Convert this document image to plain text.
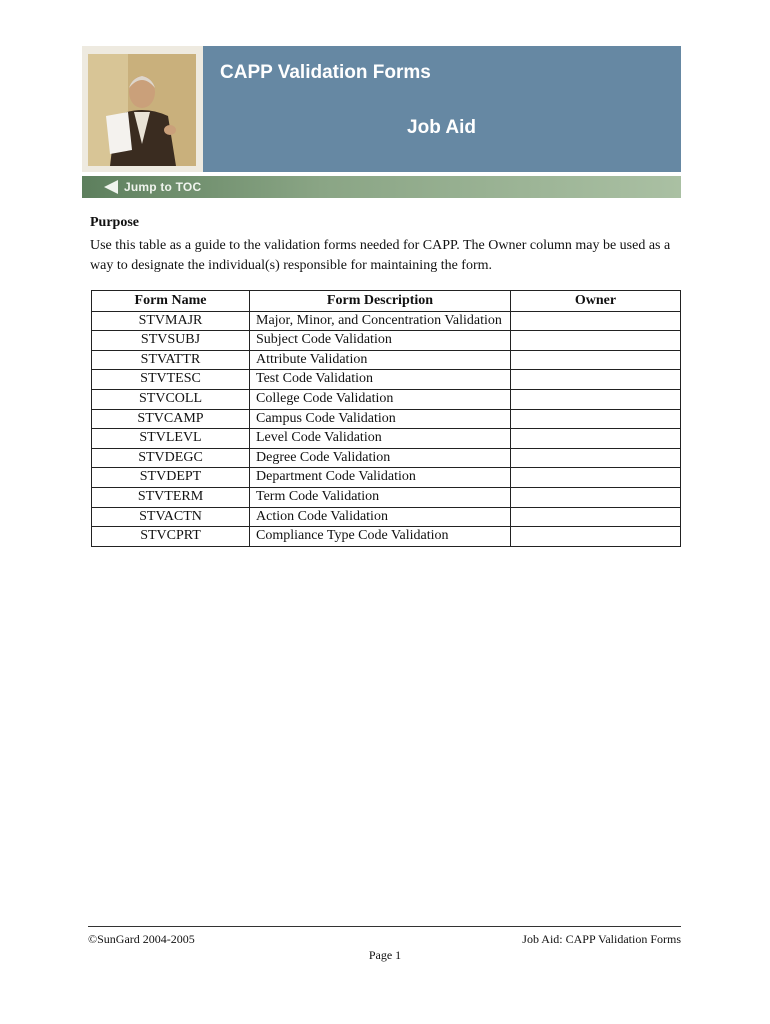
CAPP Validation Forms
Job Aid
Jump to TOC
Purpose
Use this table as a guide to the validation forms needed for CAPP. The Owner column may be used as a way to designate the individual(s) responsible for maintaining the form.
Form Name	Form Description	Owner
STVMAJR	Major, Minor, and Concentration Validation	
STVSUBJ	Subject Code Validation	
STVATTR	Attribute Validation	
STVTESC	Test Code Validation	
STVCOLL	College Code Validation	
STVCAMP	Campus Code Validation	
STVLEVL	Level Code Validation	
STVDEGC	Degree Code Validation	
STVDEPT	Department Code Validation	
STVTERM	Term Code Validation	
STVACTN	Action Code Validation	
STVCPRT	Compliance Type Code Validation	
©SunGard 2004-2005	Job Aid: CAPP Validation Forms
Page 1
